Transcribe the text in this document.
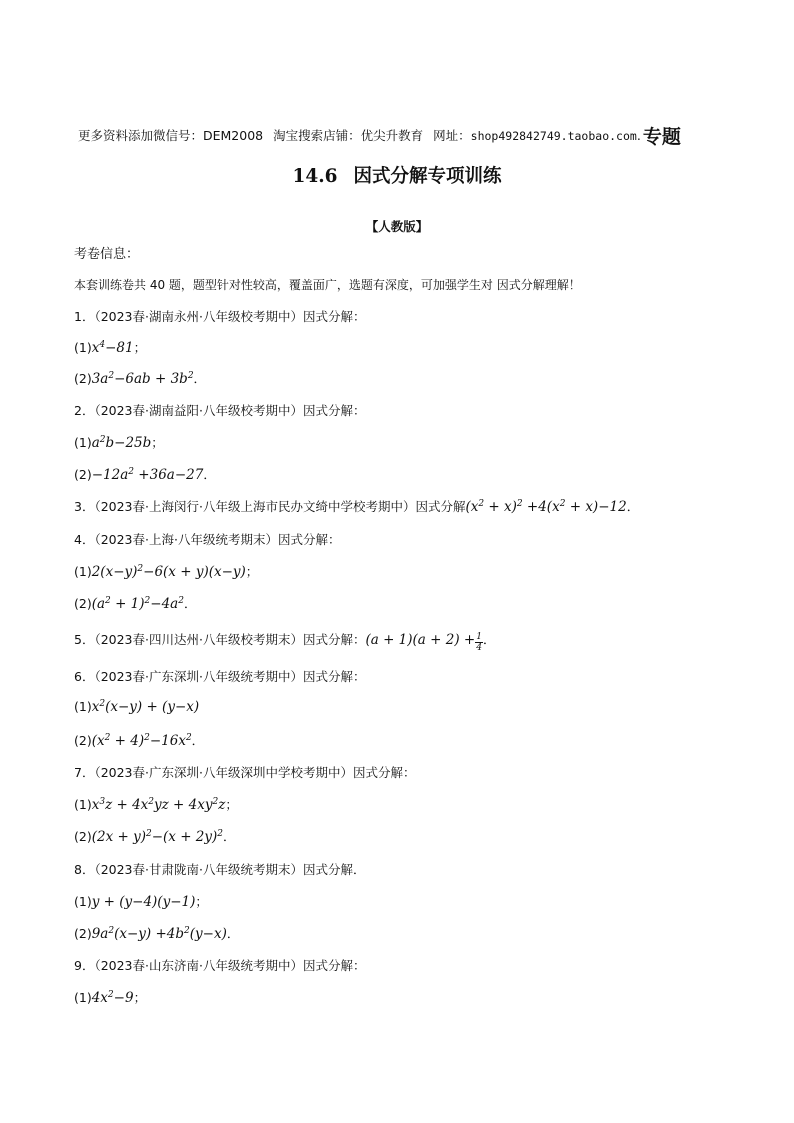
更多资料添加微信号：DEM2008 淘宝搜索店铺：优尖升教育 网址：shop492842749.taobao.com. 专题
14.6 因式分解专项训练
【人教版】
考卷信息：
本套训练卷共 40 题，题型针对性较高，覆盖面广，选题有深度，可加强学生对 因式分解理解！
1．（2023春·湖南永州·八年级校考期中）因式分解：
$(1)x^4-81$；
$(2)3a^2-6ab + 3b^2$．
2．（2023春·湖南益阳·八年级校考期中）因式分解：
$(1)a^2b-25b$；
$(2)-12a^2 +36a-27$．
3．（2023春·上海闵行·八年级上海市民办文绮中学校考期中）因式分解$(x^2 + x)^2 +4(x^2 + x)-12$．
4．（2023春·上海·八年级统考期末）因式分解：
$(1)2(x-y)^2-6(x + y)(x-y)$；
$(2)(a^2 + 1)^2-4a^2$．
5．（2023春·四川达州·八年级校考期末）因式分解：$(a + 1)(a + 2) + \frac{1}{4}$ ．
6．（2023春·广东深圳·八年级统考期中）因式分解：
$(1)x^2(x-y) + (y-x)$
$(2)(x^2 + 4)^2-16x^2$．
7．（2023春·广东深圳·八年级深圳中学校考期中）因式分解：
$(1)x^3z + 4x^2yz + 4xy^2z$；
$(2)(2x + y)^2-(x + 2y)^2$．
8．（2023春·甘肃陇南·八年级统考期末）因式分解．
(1)y + (y−4)(y−1)；
$(2)9a^2(x-y) +4b^2(y-x)$．
9．（2023春·山东济南·八年级统考期中）因式分解：
$(1)4x^2-9$；
